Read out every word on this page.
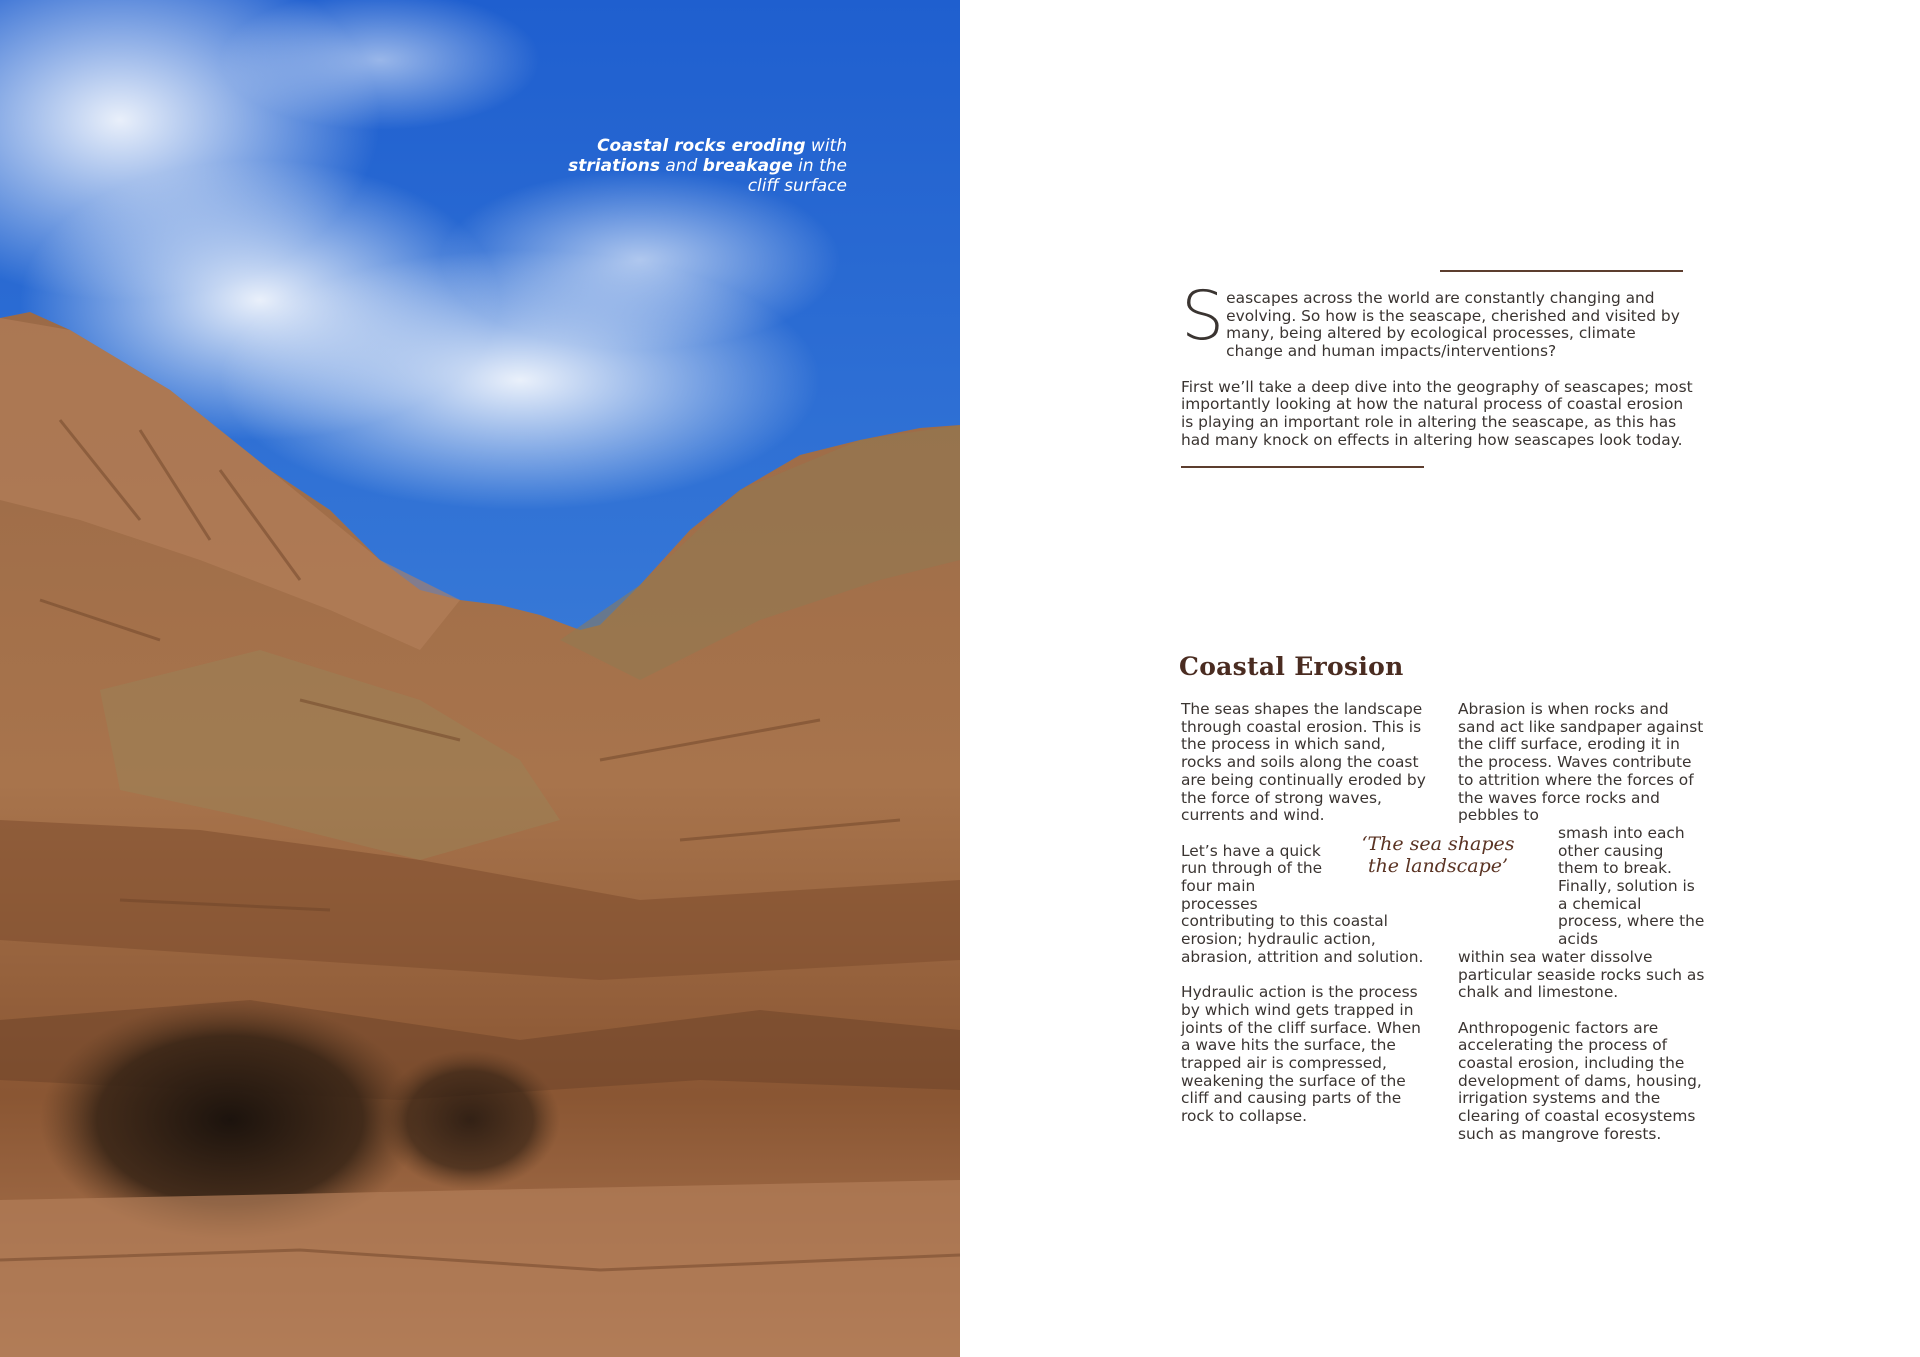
Coastal rocks eroding with striations and breakage in the cliff surface

Seascapes across the world are constantly changing and evolving. So how is the seascape, cherished and visited by many, being altered by ecological processes, climate change and human impacts/interventions?

First we’ll take a deep dive into the geography of seascapes; most importantly looking at how the natural process of coastal erosion is playing an important role in altering the seascape, as this has had many knock on effects in altering how seascapes look today.

Coastal Erosion

The seas shapes the landscape through coastal erosion. This is the process in which sand, rocks and soils along the coast are being continually eroded by the force of strong waves, currents and wind.

Let’s have a quick run through of the four main processes
contributing to this coastal erosion; hydraulic action, abrasion, attrition and solution.

Hydraulic action is the process by which wind gets trapped in joints of the cliff surface. When a wave hits the surface, the trapped air is compressed, weakening the surface of the cliff and causing parts of the rock to collapse.

‘The sea shapes the landscape’

Abrasion is when rocks and sand act like sandpaper against the cliff surface, eroding it in the process. Waves contribute to attrition where the forces of the waves force rocks and pebbles to
smash into each other causing them to break. Finally, solution is a chemical process, where the acids
within sea water dissolve particular seaside rocks such as chalk and limestone.

Anthropogenic factors are accelerating the process of coastal erosion, including the development of dams, housing, irrigation systems and the clearing of coastal ecosystems such as mangrove forests.
